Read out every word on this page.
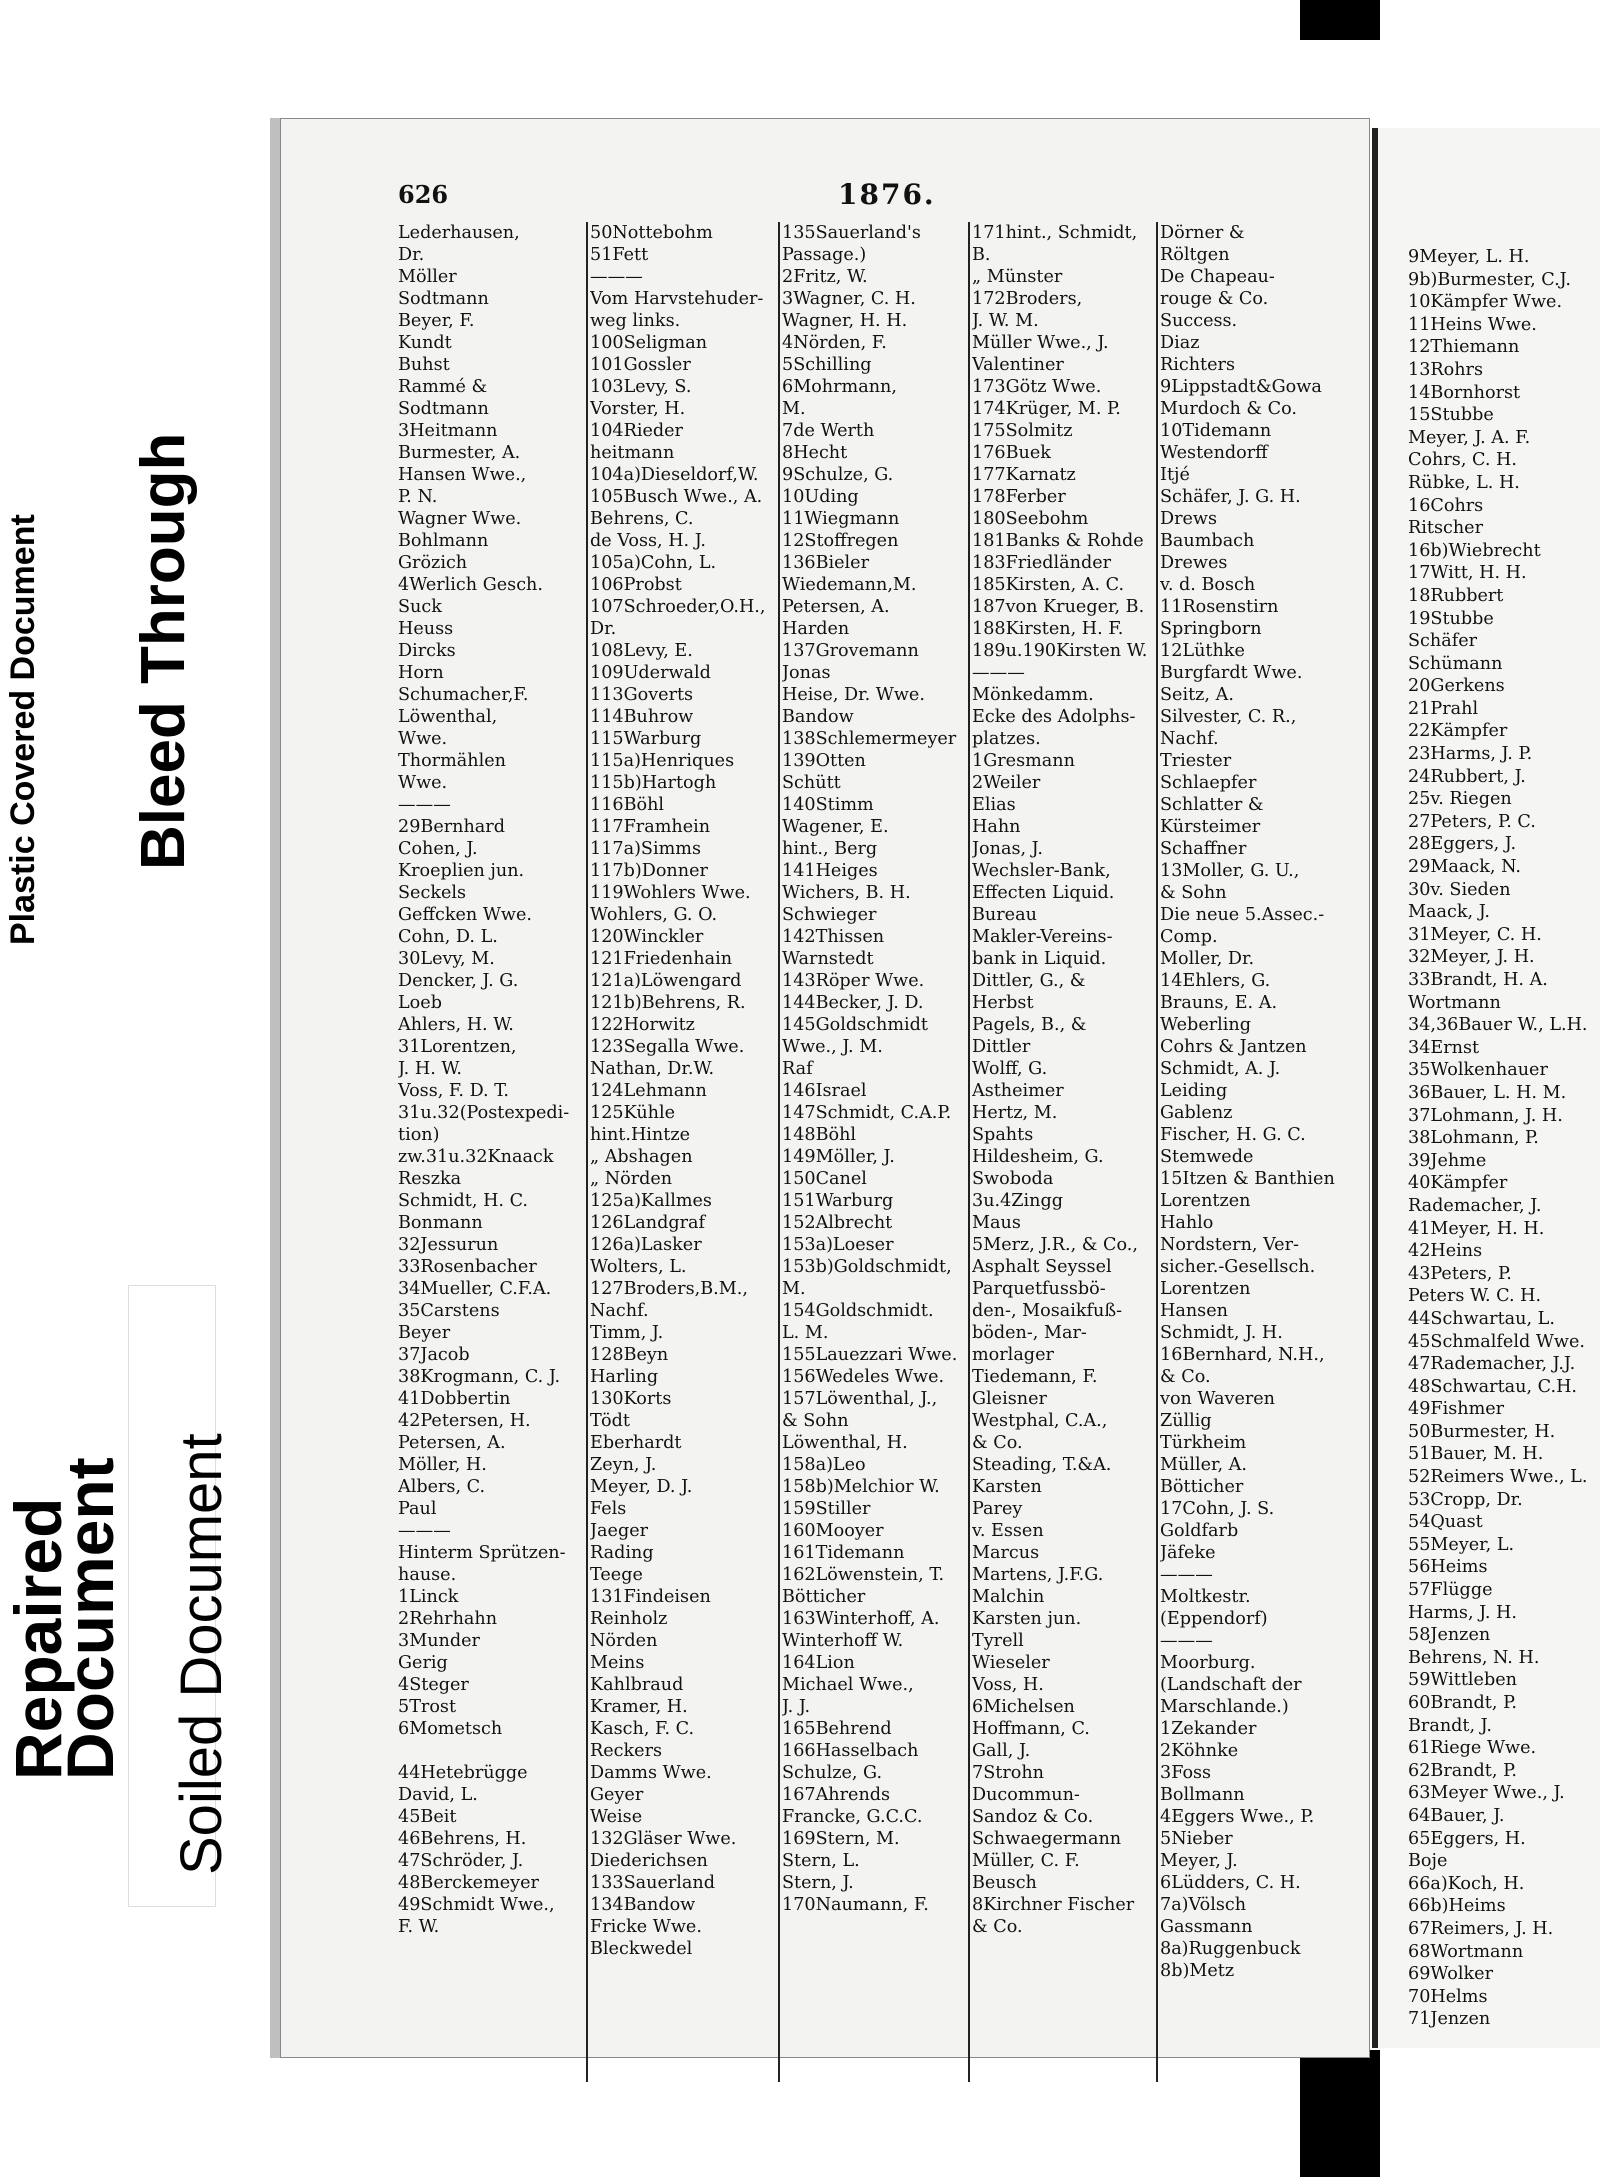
Plastic Covered Document Bleed Through
Repaired
Document Soiled Document
626	1876.
Lederhausen,
Dr.
Möller
Sodtmann
Beyer, F.
Kundt
Buhst
Rammé &
Sodtmann
3Heitmann
Burmester, A.
Hansen Wwe.,
P. N.
Wagner Wwe.
Bohlmann
Grözich
4Werlich Gesch.
Suck
Heuss
Dircks
Horn
Schumacher,F.
Löwenthal,
Wwe.
Thormählen
Wwe.
———
29Bernhard
Cohen, J.
Kroeplien jun.
Seckels
Geffcken Wwe.
Cohn, D. L.
30Levy, M.
Dencker, J. G.
Loeb
Ahlers, H. W.
31Lorentzen,
J. H. W.
Voss, F. D. T.
31u.32(Postexpedi-
tion)
zw.31u.32Knaack
Reszka
Schmidt, H. C.
Bonmann
32Jessurun
33Rosenbacher
34Mueller, C.F.A.
35Carstens
Beyer
37Jacob
38Krogmann, C. J.
41Dobbertin
42Petersen, H.
Petersen, A.
Möller, H.
Albers, C.
Paul
———
Hinterm Sprützen-
hause.
1Linck
2Rehrhahn
3Munder
Gerig
4Steger
5Trost
6Mometsch
44Hetebrügge
David, L.
45Beit
46Behrens, H.
47Schröder, J.
48Berckemeyer
49Schmidt Wwe.,
F. W.
50Nottebohm
51Fett
———
Vom Harvstehuder-
weg links.
100Seligman
101Gossler
103Levy, S.
Vorster, H.
104Rieder
heitmann
104a)Dieseldorf,W.
105Busch Wwe., A.
Behrens, C.
de Voss, H. J.
105a)Cohn, L.
106Probst
107Schroeder,O.H.,
Dr.
108Levy, E.
109Uderwald
113Goverts
114Buhrow
115Warburg
115a)Henriques
115b)Hartogh
116Böhl
117Framhein
117a)Simms
117b)Donner
119Wohlers Wwe.
Wohlers, G. O.
120Winckler
121Friedenhain
121a)Löwengard
121b)Behrens, R.
122Horwitz
123Segalla Wwe.
Nathan, Dr.W.
124Lehmann
125Kühle
hint.Hintze
„ Abshagen
„ Nörden
125a)Kallmes
126Landgraf
126a)Lasker
Wolters, L.
127Broders,B.M.,
Nachf.
Timm, J.
128Beyn
Harling
130Korts
Tödt
Eberhardt
Zeyn, J.
Meyer, D. J.
Fels
Jaeger
Rading
Teege
131Findeisen
Reinholz
Nörden
Meins
Kahlbraud
Kramer, H.
Kasch, F. C.
Reckers
Damms Wwe.
Geyer
Weise
132Gläser Wwe.
Diederichsen
133Sauerland
134Bandow
Fricke Wwe.
Bleckwedel
135Sauerland's
Passage.)
2Fritz, W.
3Wagner, C. H.
Wagner, H. H.
4Nörden, F.
5Schilling
6Mohrmann,
M.
7de Werth
8Hecht
9Schulze, G.
10Uding
11Wiegmann
12Stoffregen
136Bieler
Wiedemann,M.
Petersen, A.
Harden
137Grovemann
Jonas
Heise, Dr. Wwe.
Bandow
138Schlemermeyer
139Otten
Schütt
140Stimm
Wagener, E.
hint., Berg
141Heiges
Wichers, B. H.
Schwieger
142Thissen
Warnstedt
143Röper Wwe.
144Becker, J. D.
145Goldschmidt
Wwe., J. M.
Raf
146Israel
147Schmidt, C.A.P.
148Böhl
149Möller, J.
150Canel
151Warburg
152Albrecht
153a)Loeser
153b)Goldschmidt,
M.
154Goldschmidt.
L. M.
155Lauezzari Wwe.
156Wedeles Wwe.
157Löwenthal, J.,
& Sohn
Löwenthal, H.
158a)Leo
158b)Melchior W.
159Stiller
160Mooyer
161Tidemann
162Löwenstein, T.
Bötticher
163Winterhoff, A.
Winterhoff W.
164Lion
Michael Wwe.,
J. J.
165Behrend
166Hasselbach
Schulze, G.
167Ahrends
Francke, G.C.C.
169Stern, M.
Stern, L.
Stern, J.
170Naumann, F.
171hint., Schmidt,
B.
„ Münster
172Broders,
J. W. M.
Müller Wwe., J.
Valentiner
173Götz Wwe.
174Krüger, M. P.
175Solmitz
176Buek
177Karnatz
178Ferber
180Seebohm
181Banks & Rohde
183Friedländer
185Kirsten, A. C.
187von Krueger, B.
188Kirsten, H. F.
189u.190Kirsten W.
———
Mönkedamm.
Ecke des Adolphs-
platzes.
1Gresmann
2Weiler
Elias
Hahn
Jonas, J.
Wechsler-Bank,
Effecten Liquid.
Bureau
Makler-Vereins-
bank in Liquid.
Dittler, G., &
Herbst
Pagels, B., &
Dittler
Wolff, G.
Astheimer
Hertz, M.
Spahts
Hildesheim, G.
Swoboda
3u.4Zingg
Maus
5Merz, J.R., & Co.,
Asphalt Seyssel
Parquetfussbö-
den-, Mosaikfuß-
böden-, Mar-
morlager
Tiedemann, F.
Gleisner
Westphal, C.A.,
& Co.
Steading, T.&A.
Karsten
Parey
v. Essen
Marcus
Martens, J.F.G.
Malchin
Karsten jun.
Tyrell
Wieseler
Voss, H.
6Michelsen
Hoffmann, C.
Gall, J.
7Strohn
Ducommun-
Sandoz & Co.
Schwaegermann
Müller, C. F.
Beusch
8Kirchner Fischer
& Co.
Dörner &
Röltgen
De Chapeau-
rouge & Co.
Success.
Diaz
Richters
9Lippstadt&Gowa
Murdoch & Co.
10Tidemann
Westendorff
Itjé
Schäfer, J. G. H.
Drews
Baumbach
Drewes
v. d. Bosch
11Rosenstirn
Springborn
12Lüthke
Burgfardt Wwe.
Seitz, A.
Silvester, C. R.,
Nachf.
Triester
Schlaepfer
Schlatter &
Kürsteimer
Schaffner
13Moller, G. U.,
& Sohn
Die neue 5.Assec.-
Comp.
Moller, Dr.
14Ehlers, G.
Brauns, E. A.
Weberling
Cohrs & Jantzen
Schmidt, A. J.
Leiding
Gablenz
Fischer, H. G. C.
Stemwede
15Itzen & Banthien
Lorentzen
Hahlo
Nordstern, Ver-
sicher.-Gesellsch.
Lorentzen
Hansen
Schmidt, J. H.
16Bernhard, N.H.,
& Co.
von Waveren
Züllig
Türkheim
Müller, A.
Bötticher
17Cohn, J. S.
Goldfarb
Jäfeke
———
Moltkestr.
(Eppendorf)
———
Moorburg.
(Landschaft der
Marschlande.)
1Zekander
2Köhnke
3Foss
Bollmann
4Eggers Wwe., P.
5Nieber
Meyer, J.
6Lüdders, C. H.
7a)Völsch
Gassmann
8a)Ruggenbuck
8b)Metz
9Meyer, L. H.
9b)Burmester, C.J.
10Kämpfer Wwe.
11Heins Wwe.
12Thiemann
13Rohrs
14Bornhorst
15Stubbe
Meyer, J. A. F.
Cohrs, C. H.
Rübke, L. H.
16Cohrs
Ritscher
16b)Wiebrecht
17Witt, H. H.
18Rubbert
19Stubbe
Schäfer
Schümann
20Gerkens
21Prahl
22Kämpfer
23Harms, J. P.
24Rubbert, J.
25v. Riegen
27Peters, P. C.
28Eggers, J.
29Maack, N.
30v. Sieden
Maack, J.
31Meyer, C. H.
32Meyer, J. H.
33Brandt, H. A.
Wortmann
34,36Bauer W., L.H.
34Ernst
35Wolkenhauer
36Bauer, L. H. M.
37Lohmann, J. H.
38Lohmann, P.
39Jehme
40Kämpfer
Rademacher, J.
41Meyer, H. H.
42Heins
43Peters, P.
Peters W. C. H.
44Schwartau, L.
45Schmalfeld Wwe.
47Rademacher, J.J.
48Schwartau, C.H.
49Fishmer
50Burmester, H.
51Bauer, M. H.
52Reimers Wwe., L.
53Cropp, Dr.
54Quast
55Meyer, L.
56Heims
57Flügge
Harms, J. H.
58Jenzen
Behrens, N. H.
59Wittleben
60Brandt, P.
Brandt, J.
61Riege Wwe.
62Brandt, P.
63Meyer Wwe., J.
64Bauer, J.
65Eggers, H.
Boje
66a)Koch, H.
66b)Heims
67Reimers, J. H.
68Wortmann
69Wolker
70Helms
71Jenzen
